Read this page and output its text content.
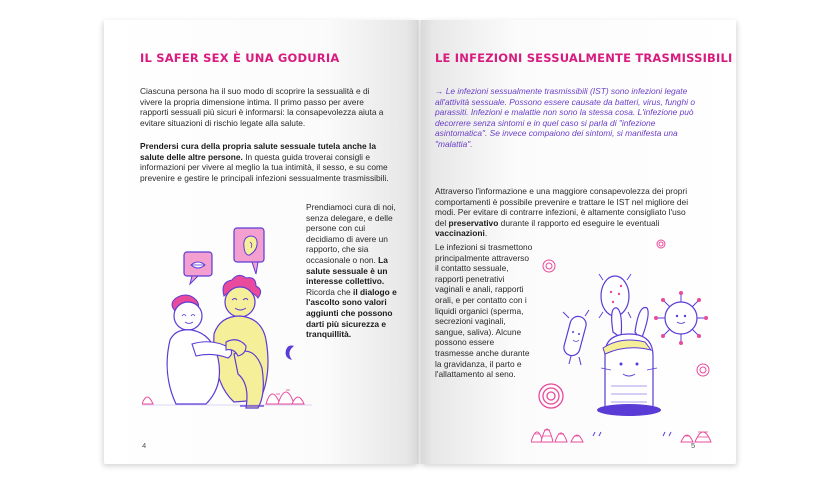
IL SAFER SEX È UNA GODURIA

Ciascuna persona ha il suo modo di scoprire la sessualità e di vivere la propria dimensione intima. Il primo passo per avere rapporti sessuali più sicuri è informarsi: la consapevolezza aiuta a evitare situazioni di rischio legate alla salute.

Prendersi cura della propria salute sessuale tutela anche la salute delle altre persone. In questa guida troverai consigli e informazioni per vivere al meglio la tua intimità, il sesso, e su come prevenire e gestire le principali infezioni sessualmente trasmissibili.

Prendiamoci cura di noi, senza delegare, e delle persone con cui decidiamo di avere un rapporto, che sia occasionale o non. La salute sessuale è un interesse collettivo. Ricorda che il dialogo e l'ascolto sono valori aggiunti che possono darti più sicurezza e tranquillità.

4
LE INFEZIONI SESSUALMENTE TRASMISSIBILI

→ Le infezioni sessualmente trasmissibili (IST) sono infezioni legate all'attività sessuale. Possono essere causate da batteri, virus, funghi o parassiti. Infezioni e malattie non sono la stessa cosa. L'infezione può decorrere senza sintomi e in quel caso si parla di "infezione asintomatica". Se invece compaiono dei sintomi, si manifesta una "malattia".

Attraverso l'informazione e una maggiore consapevolezza dei propri comportamenti è possibile prevenire e trattare le IST nel migliore dei modi. Per evitare di contrarre infezioni, è altamente consigliato l'uso del preservativo durante il rapporto ed eseguire le eventuali vaccinazioni.

Le infezioni si trasmettono principalmente attraverso il contatto sessuale, rapporti penetrativi vaginali e anali, rapporti orali, e per contatto con i liquidi organici (sperma, secrezioni vaginali, sangue, saliva). Alcune possono essere trasmesse anche durante la gravidanza, il parto e l'allattamento al seno.

5
